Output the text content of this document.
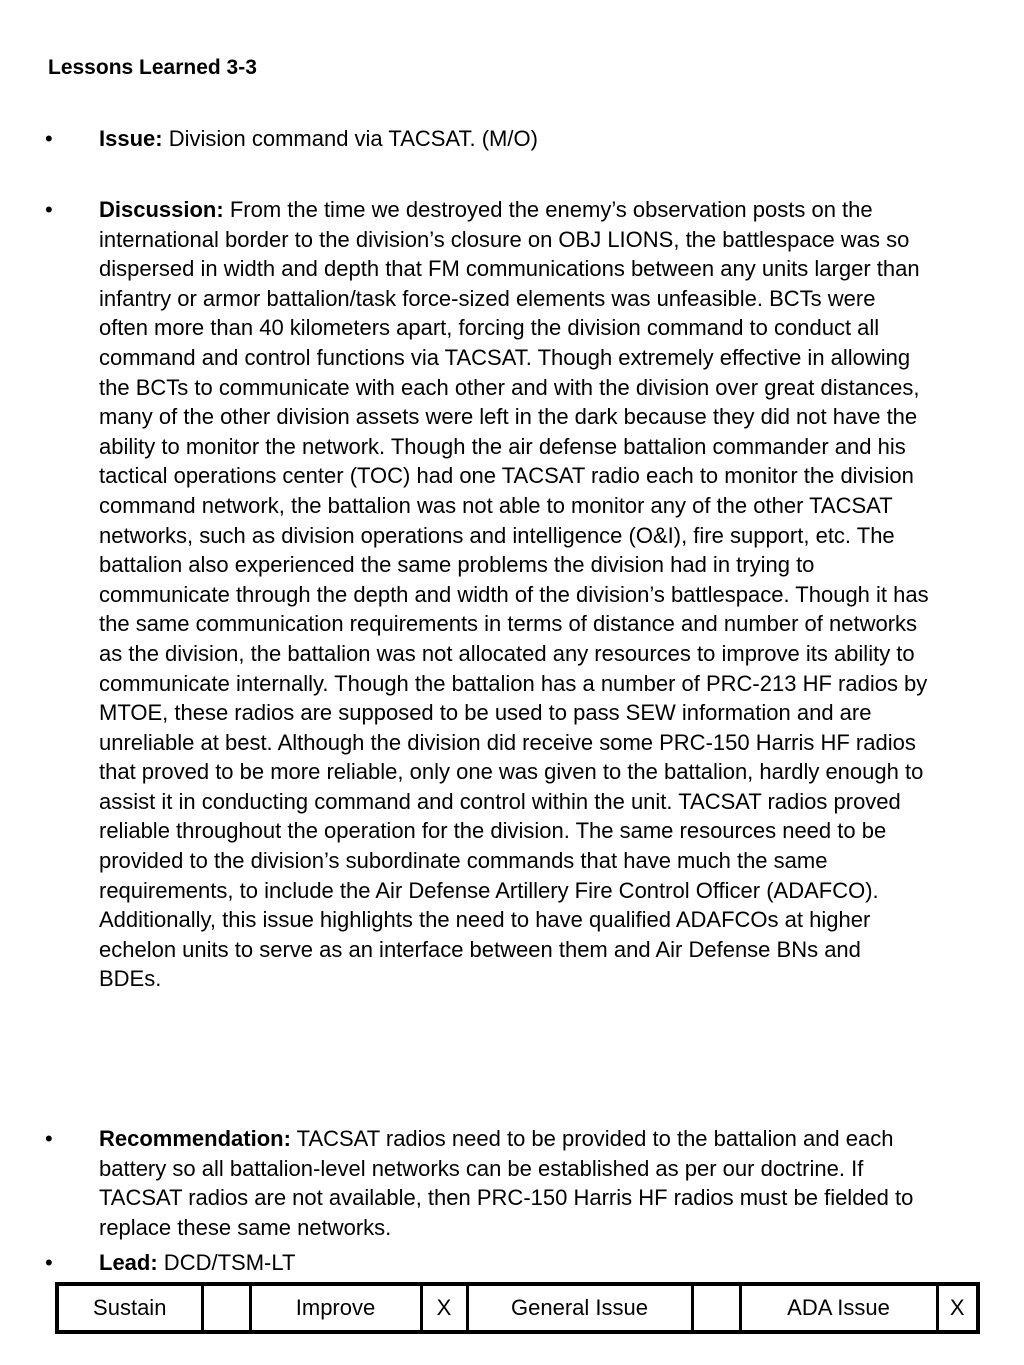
Lessons Learned 3-3
• Issue: Division command via TACSAT. (M/O)

• Discussion: From the time we destroyed the enemy’s observation posts on the international border to the division’s closure on OBJ LIONS, the battlespace was so dispersed in width and depth that FM communications between any units larger than infantry or armor battalion/task force-sized elements was unfeasible. BCTs were often more than 40 kilometers apart, forcing the division command to conduct all command and control functions via TACSAT. Though extremely effective in allowing the BCTs to communicate with each other and with the division over great distances, many of the other division assets were left in the dark because they did not have the ability to monitor the network. Though the air defense battalion commander and his tactical operations center (TOC) had one TACSAT radio each to monitor the division command network, the battalion was not able to monitor any of the other TACSAT networks, such as division operations and intelligence (O&I), fire support, etc. The battalion also experienced the same problems the division had in trying to communicate through the depth and width of the division’s battlespace. Though it has the same communication requirements in terms of distance and number of networks as the division, the battalion was not allocated any resources to improve its ability to communicate internally. Though the battalion has a number of PRC-213 HF radios by MTOE, these radios are supposed to be used to pass SEW information and are unreliable at best. Although the division did receive some PRC-150 Harris HF radios that proved to be more reliable, only one was given to the battalion, hardly enough to assist it in conducting command and control within the unit. TACSAT radios proved reliable throughout the operation for the division. The same resources need to be provided to the division’s subordinate commands that have much the same requirements, to include the Air Defense Artillery Fire Control Officer (ADAFCO). Additionally, this issue highlights the need to have qualified ADAFCOs at higher echelon units to serve as an interface between them and Air Defense BNs and BDEs.

• Recommendation: TACSAT radios need to be provided to the battalion and each battery so all battalion-level networks can be established as per our doctrine. If TACSAT radios are not available, then PRC-150 Harris HF radios must be fielded to replace these same networks.

• Lead: DCD/TSM-LT

Sustain		Improve	X	General Issue		ADA Issue	X
